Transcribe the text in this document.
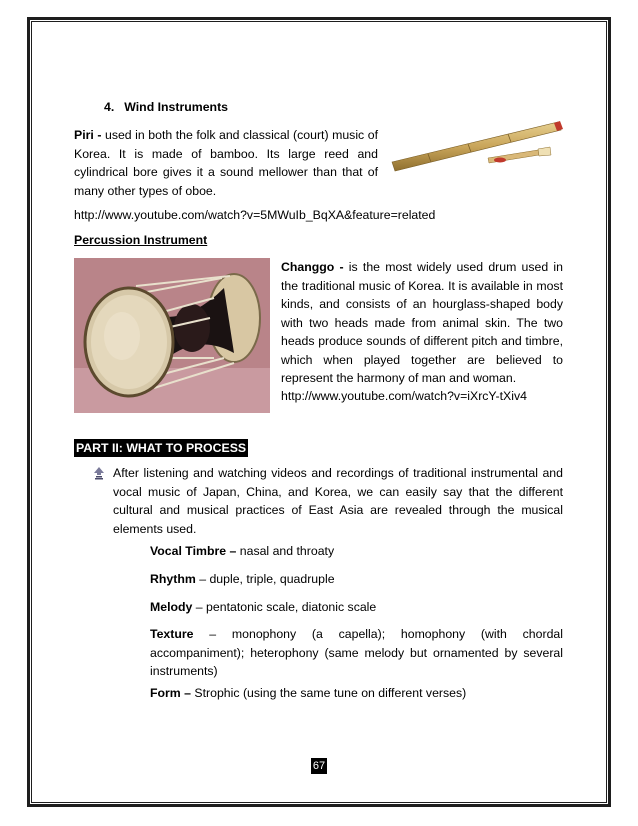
4. Wind Instruments
Piri - used in both the folk and classical (court) music of Korea. It is made of bamboo. Its large reed and cylindrical bore gives it a sound mellower than that of many other types of oboe.
http://www.youtube.com/watch?v=5MWuIb_BqXA&feature=related
Percussion Instrument
Changgo - is the most widely used drum used in the traditional music of Korea. It is available in most kinds, and consists of an hourglass-shaped body with two heads made from animal skin. The two heads produce sounds of different pitch and timbre, which when played together are believed to represent the harmony of man and woman.
http://www.youtube.com/watch?v=iXrcY-tXiv4
PART II: WHAT TO PROCESS
After listening and watching videos and recordings of traditional instrumental and vocal music of Japan, China, and Korea, we can easily say that the different cultural and musical practices of East Asia are revealed through the musical elements used.
Vocal Timbre – nasal and throaty
Rhythm – duple, triple, quadruple
Melody – pentatonic scale, diatonic scale
Texture – monophony (a capella); homophony (with chordal accompaniment); heterophony (same melody but ornamented by several instruments)
Form – Strophic (using the same tune on different verses)
67
